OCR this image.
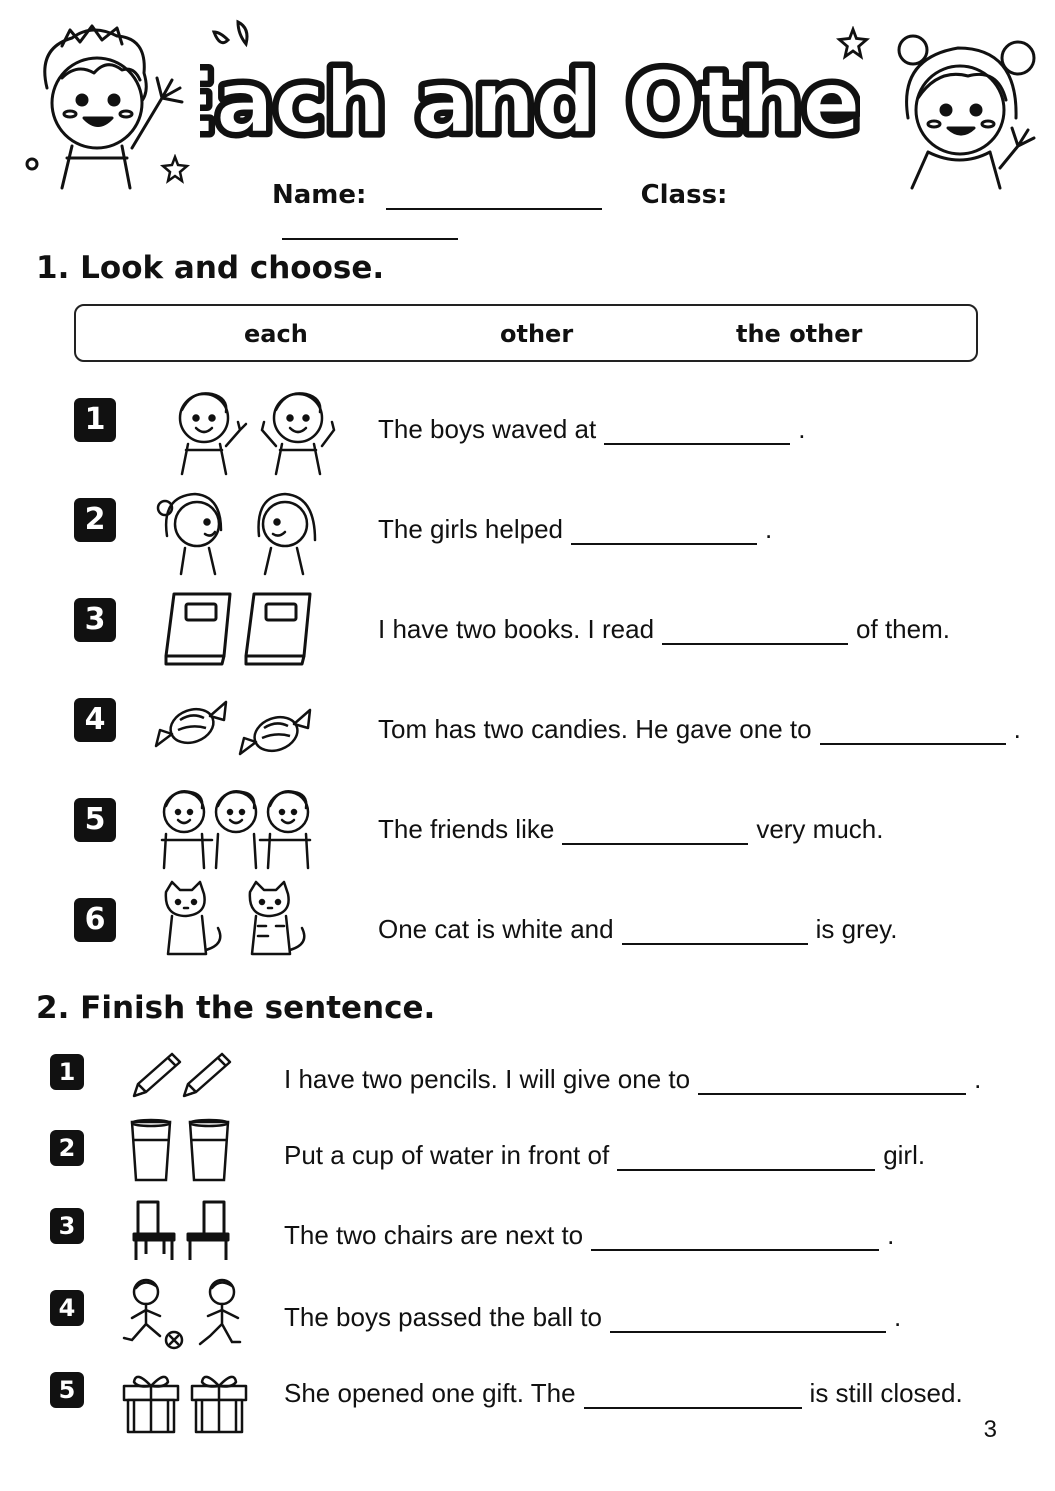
ach and Othe
ach and Othe
Name:	Class:
1. Look and choose.
each	other	the other
1	The boys waved at	.
2	The girls helped	.
3	I have two books. I read	of them.
4	Tom has two candies. He gave one to	.
5	The friends like	very much.
6	One cat is white and	is grey.
2. Finish the sentence.
1	I have two pencils. I will give one to	.
2	Put a cup of water in front of	girl.
3	The two chairs are next to	.
4	The boys passed the ball to	.
5	She opened one gift. The	is still closed.
3
